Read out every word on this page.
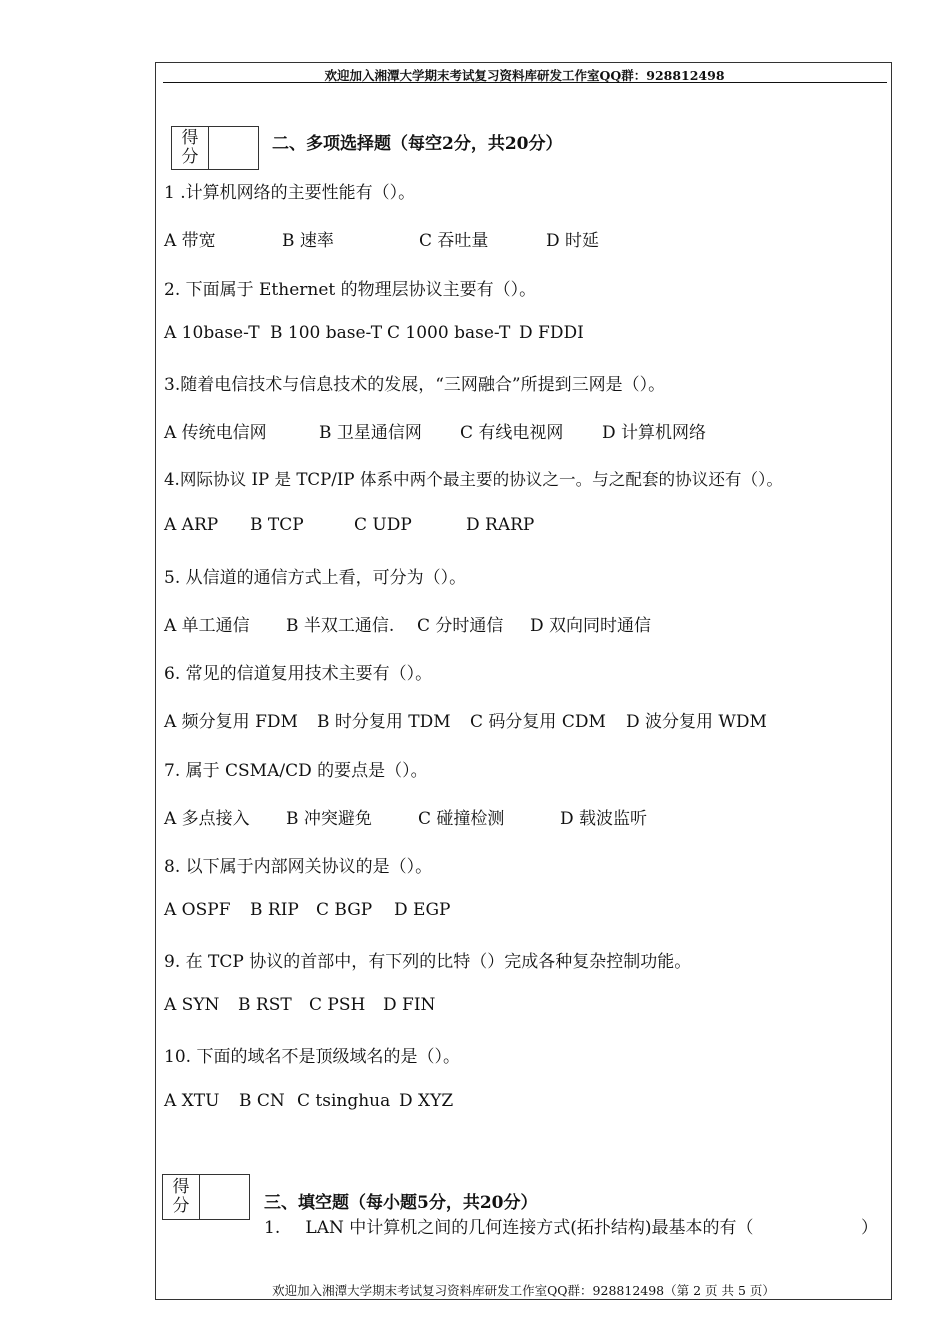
欢迎加入湘潭大学期末考试复习资料库研发工作室QQ群：928812498
得
分
二、多项选择题（每空2分，共20分）
1 .计算机网络的主要性能有（）。
A 带宽	B 速率	C 吞吐量	D 时延
2. 下面属于 Ethernet 的物理层协议主要有（）。
A 10base-T B 100 base-T C 1000 base-T D FDDI
3.随着电信技术与信息技术的发展，“三网融合”所提到三网是（）。
A 传统电信网	B 卫星通信网 C 有线电视网 D 计算机网络
4.网际协议 IP 是 TCP/IP 体系中两个最主要的协议之一。与之配套的协议还有（）。
A ARP B TCP	C UDP	D RARP
5. 从信道的通信方式上看，可分为（）。
A 单工通信 B 半双工通信. C 分时通信 D 双向同时通信
6. 常见的信道复用技术主要有（）。
A 频分复用 FDM B 时分复用 TDM C 码分复用 CDM D 波分复用 WDM
7. 属于 CSMA/CD 的要点是（）。
A 多点接入 B 冲突避免	C 碰撞检测	D 载波监听
8. 以下属于内部网关协议的是（）。
A OSPF B RIP C BGP D EGP
9. 在 TCP 协议的首部中，有下列的比特（）完成各种复杂控制功能。
A SYN B RST C PSH D FIN
10. 下面的域名不是顶级域名的是（）。
A XTU B CN C tsinghua D XYZ
得
分	三、填空题（每小题5分，共20分）
1. LAN 中计算机之间的几何连接方式(拓扑结构)最基本的有（	）
欢迎加入湘潭大学期末考试复习资料库研发工作室QQ群：928812498（第 2 页 共 5 页）
